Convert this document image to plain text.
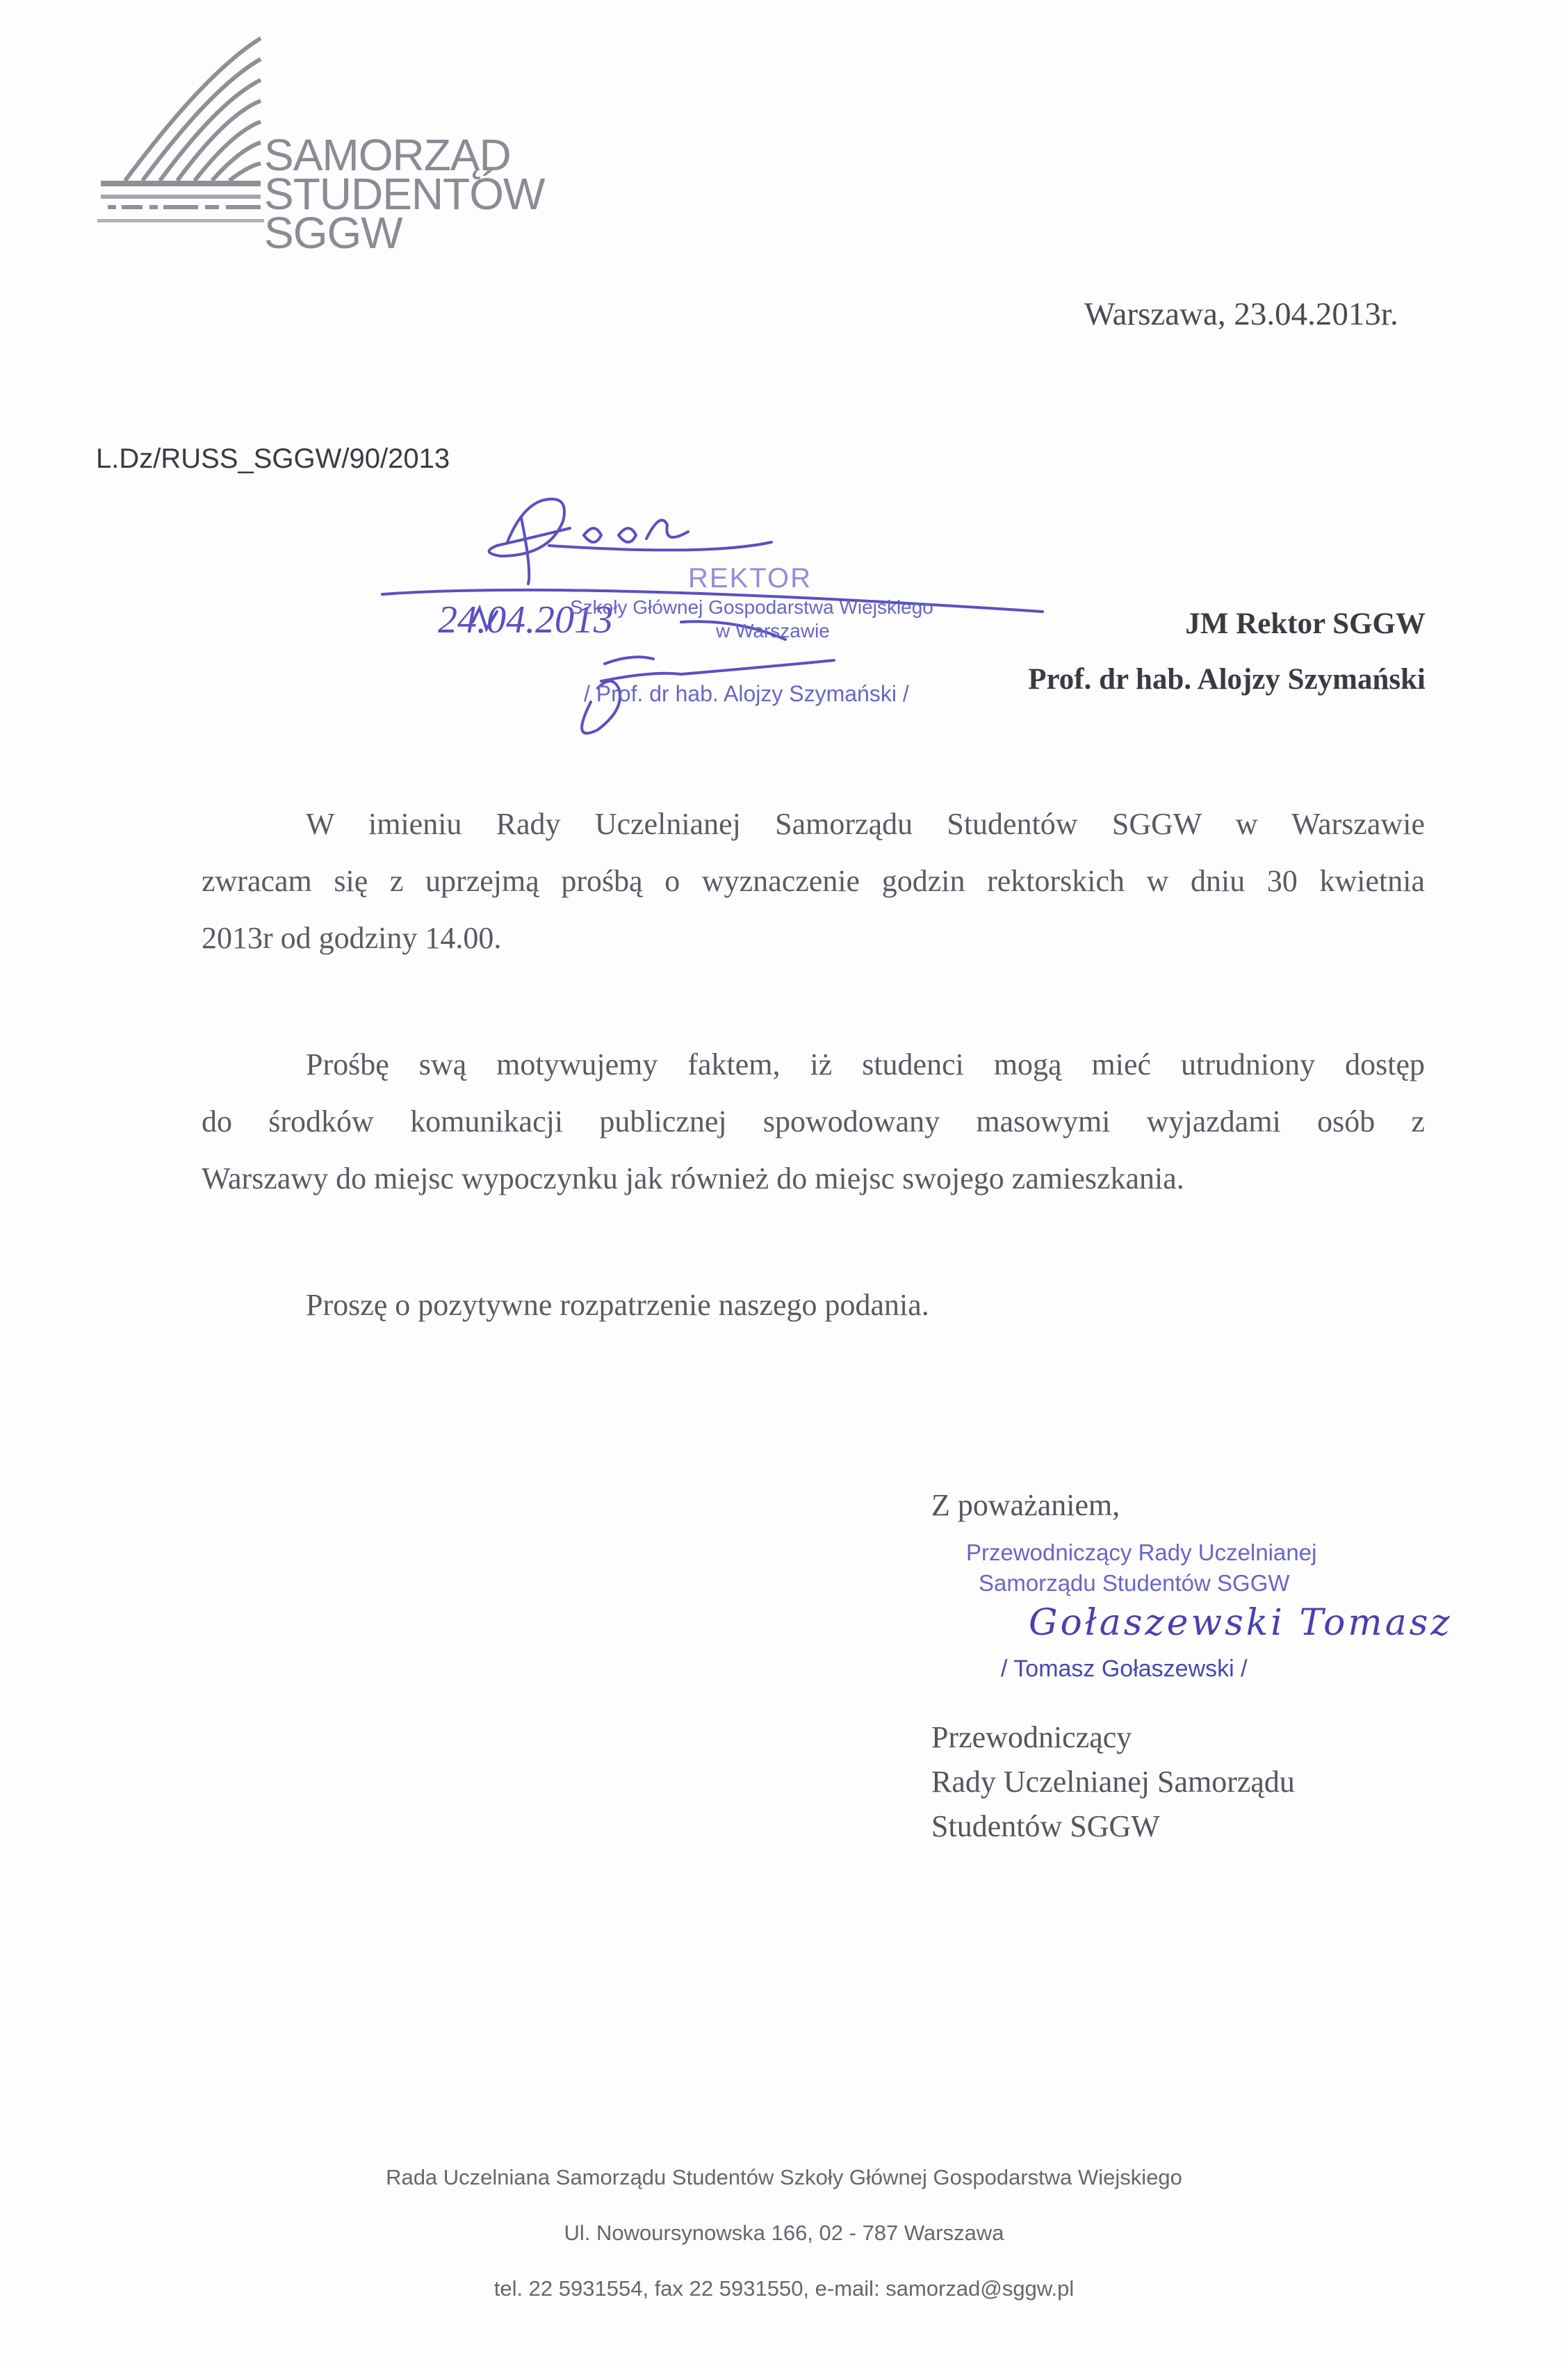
SAMORZĄD
STUDENTÓW
SGGW
Warszawa, 23.04.2013r.
L.Dz/RUSS_SGGW/90/2013
24.04.2013
REKTOR
Szkoły Głównej Gospodarstwa Wiejskiego
w Warszawie
/ Prof. dr hab. Alojzy Szymański /
JM Rektor SGGW
Prof. dr hab. Alojzy Szymański
W imieniu Rady Uczelnianej Samorządu Studentów SGGW w Warszawie
zwracam się z uprzejmą prośbą o wyznaczenie godzin rektorskich w dniu 30 kwietnia
2013r od godziny 14.00.
Prośbę swą motywujemy faktem, iż studenci mogą mieć utrudniony dostęp
do środków komunikacji publicznej spowodowany masowymi wyjazdami osób z
Warszawy do miejsc wypoczynku jak również do miejsc swojego zamieszkania.
Proszę o pozytywne rozpatrzenie naszego podania.
Z poważaniem,
Przewodniczący Rady Uczelnianej
Samorządu Studentów SGGW
Gołaszewski Tomasz
/ Tomasz Gołaszewski /
Przewodniczący
Rady Uczelnianej Samorządu
Studentów SGGW
Rada Uczelniana Samorządu Studentów Szkoły Głównej Gospodarstwa Wiejskiego
Ul. Nowoursynowska 166, 02 - 787 Warszawa
tel. 22 5931554, fax 22 5931550, e-mail: samorzad@sggw.pl
